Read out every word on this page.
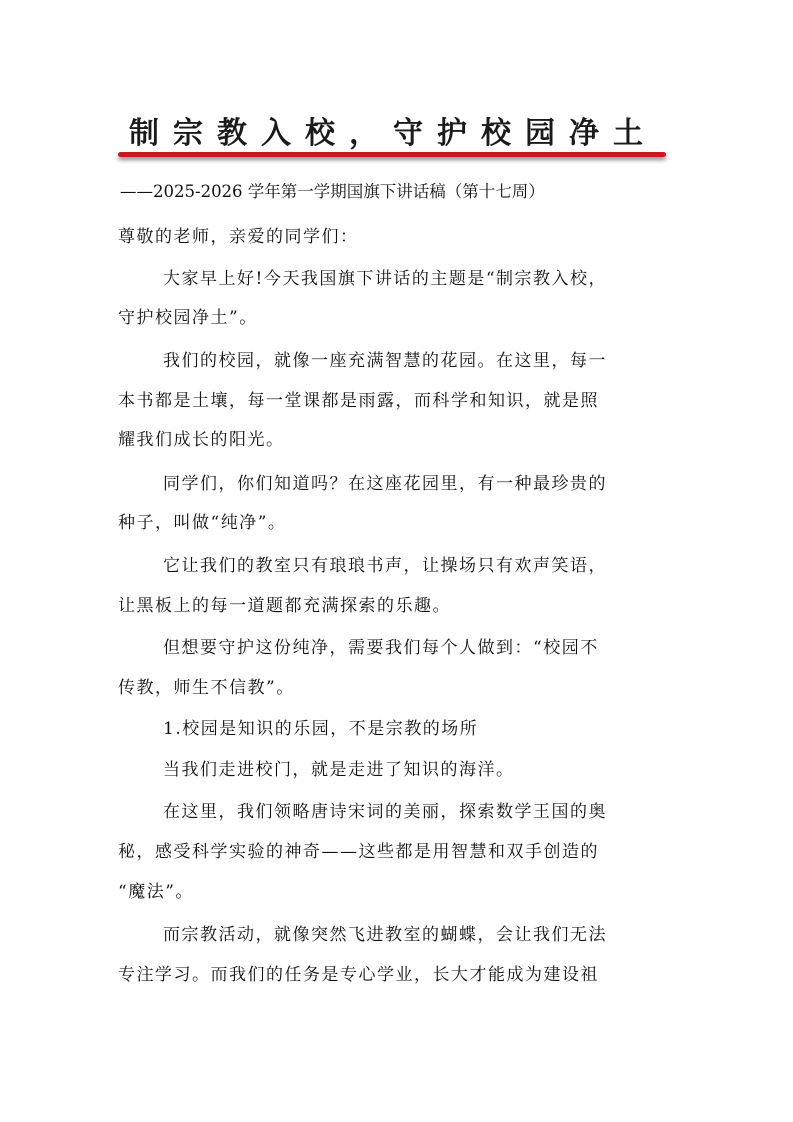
制宗教入校，守护校园净土
——2025-2026 学年第一学期国旗下讲话稿（第十七周）
尊敬的老师，亲爱的同学们：
大家早上好!今天我国旗下讲话的主题是“制宗教入校，
守护校园净土”。
我们的校园，就像一座充满智慧的花园。在这里，每一
本书都是土壤，每一堂课都是雨露，而科学和知识，就是照
耀我们成长的阳光。
同学们，你们知道吗？在这座花园里，有一种最珍贵的
种子，叫做“纯净”。
它让我们的教室只有琅琅书声，让操场只有欢声笑语，
让黑板上的每一道题都充满探索的乐趣。
但想要守护这份纯净，需要我们每个人做到：“校园不
传教，师生不信教”。
1.校园是知识的乐园，不是宗教的场所
当我们走进校门，就是走进了知识的海洋。
在这里，我们领略唐诗宋词的美丽，探索数学王国的奥
秘，感受科学实验的神奇——这些都是用智慧和双手创造的
“魔法”。
而宗教活动，就像突然飞进教室的蝴蝶，会让我们无法
专注学习。而我们的任务是专心学业，长大才能成为建设祖
